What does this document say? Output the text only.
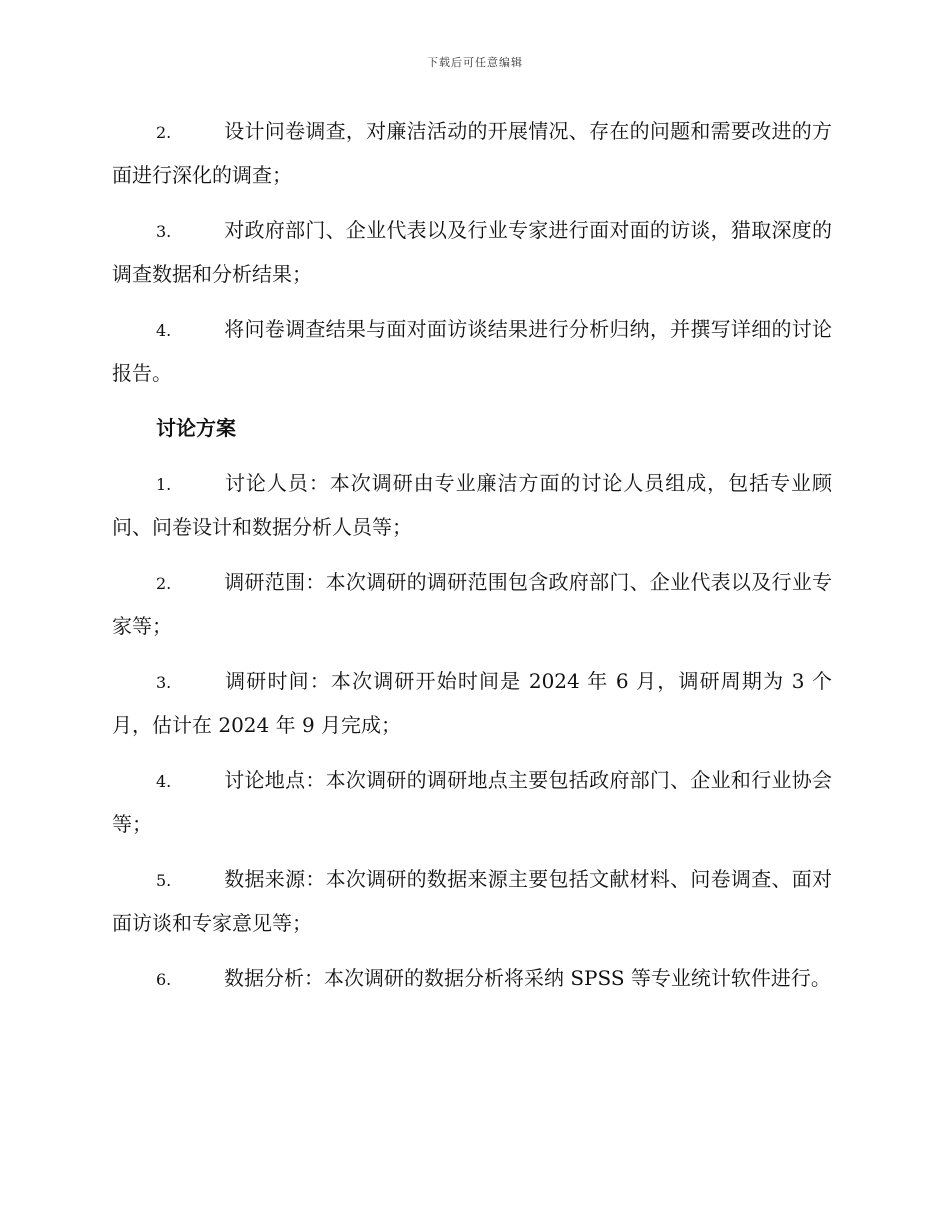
下载后可任意编辑

2.	设计问卷调查，对廉洁活动的开展情况、存在的问题和需要改进的方面进行深化的调查；

3.	对政府部门、企业代表以及行业专家进行面对面的访谈，猎取深度的调查数据和分析结果；

4.	将问卷调查结果与面对面访谈结果进行分析归纳，并撰写详细的讨论报告。

讨论方案

1.	讨论人员：本次调研由专业廉洁方面的讨论人员组成，包括专业顾问、问卷设计和数据分析人员等；

2.	调研范围：本次调研的调研范围包含政府部门、企业代表以及行业专家等；

3.	调研时间：本次调研开始时间是 2024 年 6 月，调研周期为 3 个月，估计在 2024 年 9 月完成；

4.	讨论地点：本次调研的调研地点主要包括政府部门、企业和行业协会等；

5.	数据来源：本次调研的数据来源主要包括文献材料、问卷调查、面对面访谈和专家意见等；

6.	数据分析：本次调研的数据分析将采纳 SPSS 等专业统计软件进行。
